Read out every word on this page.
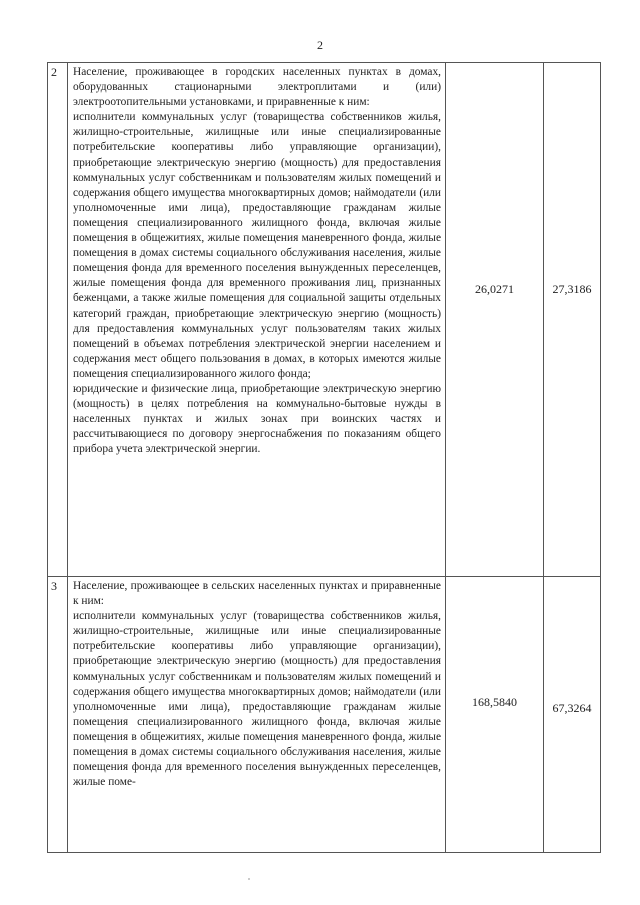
2
2	Население, проживающее в городских населенных пунктах в домах, оборудованных стационарными электроплитами и (или) электроотопительными установками, и приравненные к ним:

исполнители коммунальных услуг (товарищества собственников жилья, жилищно-строительные, жилищные или иные специализированные потребительские кооперативы либо управляющие организации), приобретающие электрическую энергию (мощность) для предоставления коммунальных услуг собственникам и пользователям жилых помещений и содержания общего имущества многоквартирных домов; наймодатели (или уполномоченные ими лица), предоставляющие гражданам жилые помещения специализированного жилищного фонда, включая жилые помещения в общежитиях, жилые помещения маневренного фонда, жилые помещения в домах системы социального обслуживания населения, жилые помещения фонда для временного поселения вынужденных переселенцев, жилые помещения фонда для временного проживания лиц, признанных беженцами, а также жилые помещения для социальной защиты отдельных категорий граждан, приобретающие электрическую энергию (мощность) для предоставления коммунальных услуг пользователям таких жилых помещений в объемах потребления электрической энергии населением и содержания мест общего пользования в домах, в которых имеются жилые помещения специализированного жилого фонда;

юридические и физические лица, приобретающие электрическую энергию (мощность) в целях потребления на коммунально-бытовые нужды в населенных пунктах и жилых зонах при воинских частях и рассчитывающиеся по договору энергоснабжения по показаниям общего прибора учета электрической энергии.	26,0271	27,3186
3	Население, проживающее в сельских населенных пунктах и приравненные к ним:

исполнители коммунальных услуг (товарищества собственников жилья, жилищно-строительные, жилищные или иные специализированные потребительские кооперативы либо управляющие организации), приобретающие электрическую энергию (мощность) для предоставления коммунальных услуг собственникам и пользователям жилых помещений и содержания общего имущества многоквартирных домов; наймодатели (или уполномоченные ими лица), предоставляющие гражданам жилые помещения специализированного жилищного фонда, включая жилые помещения в общежитиях, жилые помещения маневренного фонда, жилые помещения в домах системы социального обслуживания населения, жилые помещения фонда для временного поселения вынужденных переселенцев, жилые поме-	168,5840	67,3264
